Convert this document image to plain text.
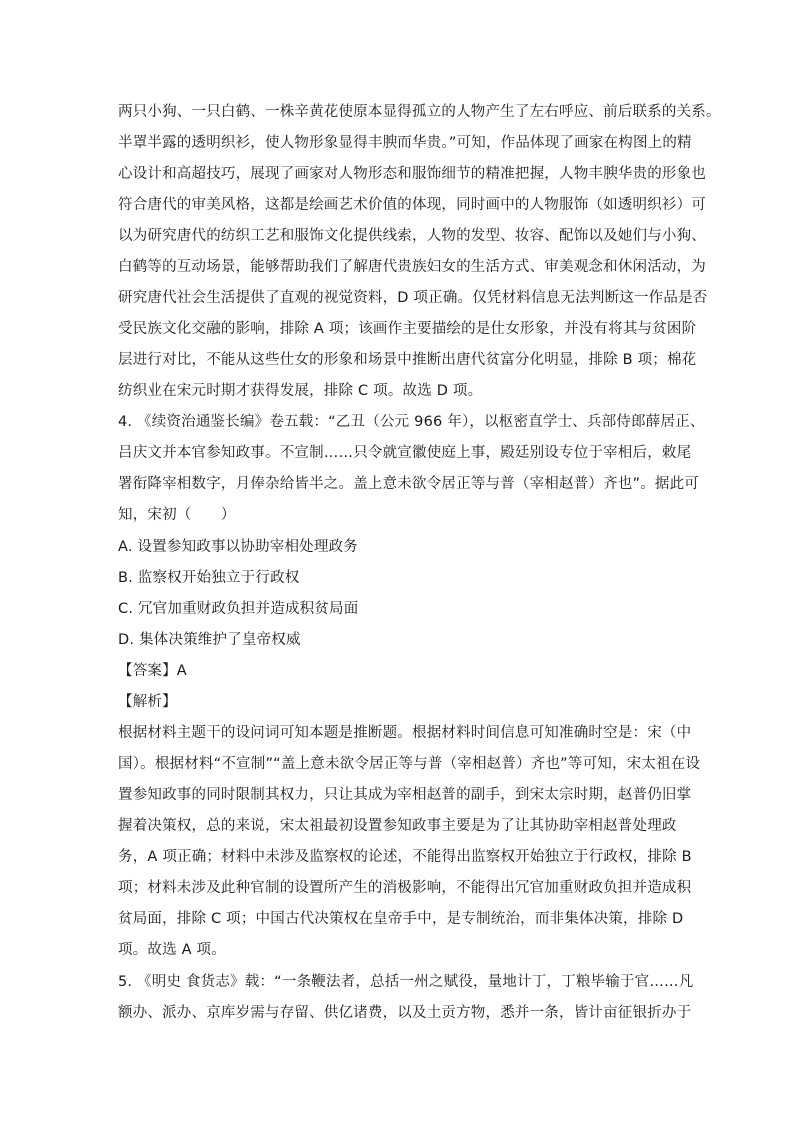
两只小狗、一只白鹤、一株辛黄花使原本显得孤立的人物产生了左右呼应、前后联系的关系。
半罩半露的透明织衫，使人物形象显得丰腴而华贵。”可知，作品体现了画家在构图上的精
心设计和高超技巧，展现了画家对人物形态和服饰细节的精准把握，人物丰腴华贵的形象也
符合唐代的审美风格，这都是绘画艺术价值的体现，同时画中的人物服饰（如透明织衫）可
以为研究唐代的纺织工艺和服饰文化提供线索，人物的发型、妆容、配饰以及她们与小狗、
白鹤等的互动场景，能够帮助我们了解唐代贵族妇女的生活方式、审美观念和休闲活动，为
研究唐代社会生活提供了直观的视觉资料，D 项正确。仅凭材料信息无法判断这一作品是否
受民族文化交融的影响，排除 A 项；该画作主要描绘的是仕女形象，并没有将其与贫困阶
层进行对比，不能从这些仕女的形象和场景中推断出唐代贫富分化明显，排除 B 项；棉花
纺织业在宋元时期才获得发展，排除 C 项。故选 D 项。
4. 《续资治通鉴长编》卷五载：“乙丑（公元 966 年），以枢密直学士、兵部侍郎薛居正、
吕庆文并本官参知政事。不宣制……只令就宣徽使庭上事，殿廷别设专位于宰相后，敕尾
署衔降宰相数字，月俸杂给皆半之。盖上意未欲令居正等与普（宰相赵普）齐也”。据此可
知，宋初（　　）
A. 设置参知政事以协助宰相处理政务
B. 监察权开始独立于行政权
C. 冗官加重财政负担并造成积贫局面
D. 集体决策维护了皇帝权威
【答案】A
【解析】
根据材料主题干的设问词可知本题是推断题。根据材料时间信息可知准确时空是：宋（中
国）。根据材料“不宣制”“盖上意未欲令居正等与普（宰相赵普）齐也”等可知，宋太祖在设
置参知政事的同时限制其权力，只让其成为宰相赵普的副手，到宋太宗时期，赵普仍旧掌
握着决策权，总的来说，宋太祖最初设置参知政事主要是为了让其协助宰相赵普处理政
务，A 项正确；材料中未涉及监察权的论述，不能得出监察权开始独立于行政权，排除 B
项；材料未涉及此种官制的设置所产生的消极影响，不能得出冗官加重财政负担并造成积
贫局面，排除 C 项；中国古代决策权在皇帝手中，是专制统治，而非集体决策，排除 D
项。故选 A 项。
5. 《明史 食货志》载：“一条鞭法者，总括一州之赋役，量地计丁，丁粮毕输于官……凡
额办、派办、京库岁需与存留、供亿诸费，以及土贡方物，悉并一条，皆计亩征银折办于
